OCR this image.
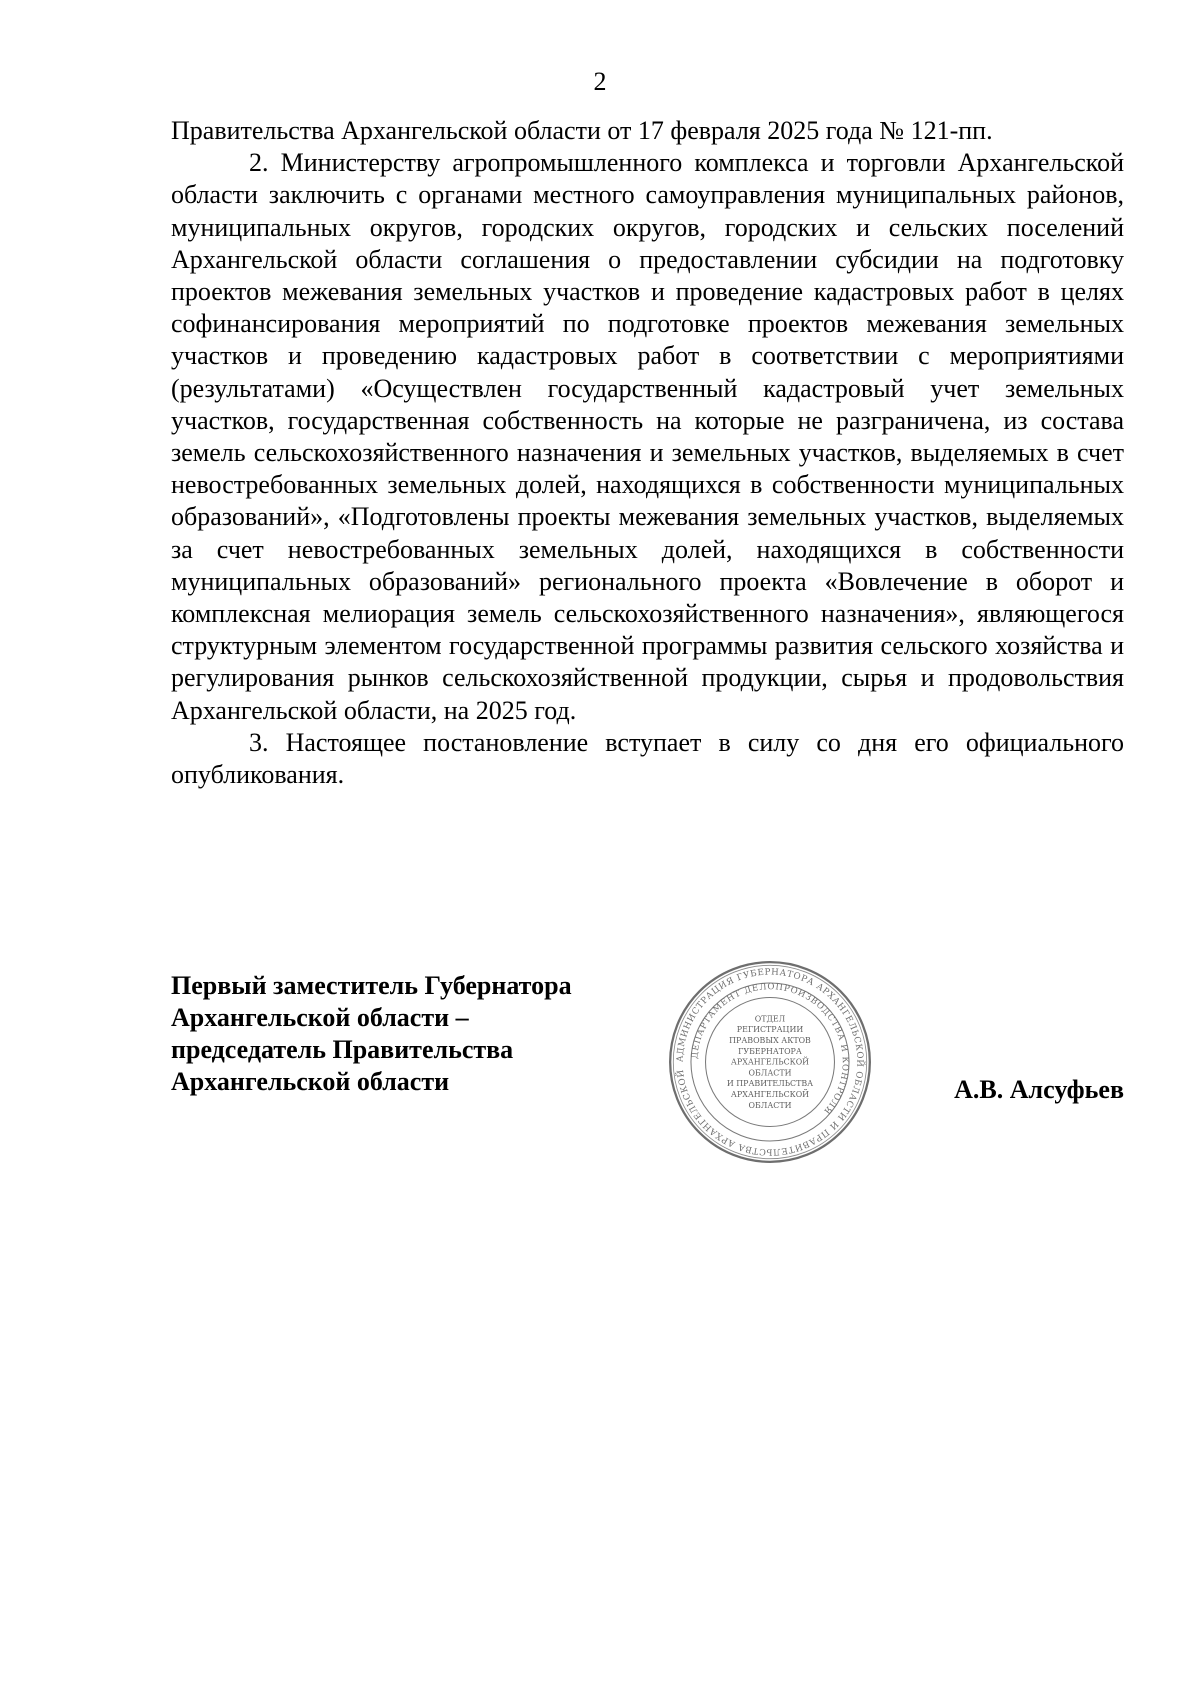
2

Правительства Архангельской области от 17 февраля 2025 года № 121-пп.

2. Министерству агропромышленного комплекса и торговли Архангельской области заключить с органами местного самоуправления муниципальных районов, муниципальных округов, городских округов, городских и сельских поселений Архангельской области соглашения о предоставлении субсидии на подготовку проектов межевания земельных участков и проведение кадастровых работ в целях софинансирования мероприятий по подготовке проектов межевания земельных участков и проведению кадастровых работ в соответствии с мероприятиями (результатами) «Осуществлен государственный кадастровый учет земельных участков, государственная собственность на которые не разграничена, из состава земель сельскохозяйственного назначения и земельных участков, выделяемых в счет невостребованных земельных долей, находящихся в собственности муниципальных образований», «Подготовлены проекты межевания земельных участков, выделяемых за счет невостребованных земельных долей, находящихся в собственности муниципальных образований» регионального проекта «Вовлечение в оборот и комплексная мелиорация земель сельскохозяйственного назначения», являющегося структурным элементом государственной программы развития сельского хозяйства и регулирования рынков сельскохозяйственной продукции, сырья и продовольствия Архангельской области, на 2025 год.

3. Настоящее постановление вступает в силу со дня его официального опубликования.

Первый заместитель Губернатора
Архангельской области –
председатель Правительства
Архангельской области
АДМИНИСТРАЦИЯ ГУБЕРНАТОРА АРХАНГЕЛЬСКОЙ ОБЛАСТИ И ПРАВИТЕЛЬСТВА АРХАНГЕЛЬСКОЙ
ДЕПАРТАМЕНТ ДЕЛОПРОИЗВОДСТВА И КОНТРОЛЯ
ОТДЕЛ
РЕГИСТРАЦИИ
ПРАВОВЫХ АКТОВ
ГУБЕРНАТОРА
АРХАНГЕЛЬСКОЙ
ОБЛАСТИ
И ПРАВИТЕЛЬСТВА
АРХАНГЕЛЬСКОЙ
ОБЛАСТИ
А.В. Алсуфьев
